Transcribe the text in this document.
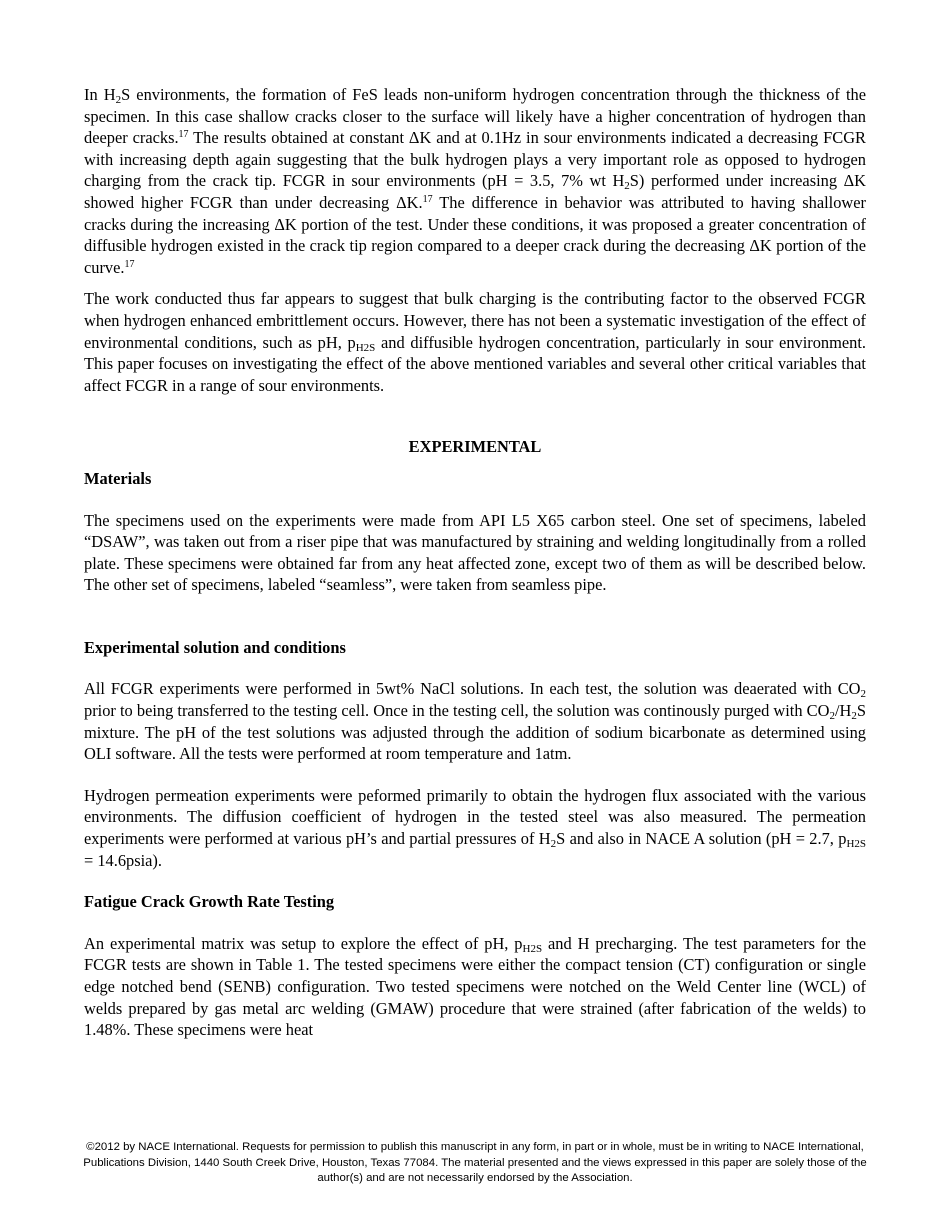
In $H_2S$ environments, the formation of FeS leads non-uniform hydrogen concentration through the thickness of the specimen. In this case shallow cracks closer to the surface will likely have a higher concentration of hydrogen than deeper cracks.$^{17}$ The results obtained at constant ΔK and at 0.1Hz in sour environments indicated a decreasing FCGR with increasing depth again suggesting that the bulk hydrogen plays a very important role as opposed to hydrogen charging from the crack tip. FCGR in sour environments (pH = 3.5, 7% wt $H_2S$) performed under increasing ΔK showed higher FCGR than under decreasing ΔK.$^{17}$ The difference in behavior was attributed to having shallower cracks during the increasing ΔK portion of the test. Under these conditions, it was proposed a greater concentration of diffusible hydrogen existed in the crack tip region compared to a deeper crack during the decreasing ΔK portion of the curve.$^{17}$

The work conducted thus far appears to suggest that bulk charging is the contributing factor to the observed FCGR when hydrogen enhanced embrittlement occurs. However, there has not been a systematic investigation of the effect of environmental conditions, such as pH, $p_{H2S}$ and diffusible hydrogen concentration, particularly in sour environment. This paper focuses on investigating the effect of the above mentioned variables and several other critical variables that affect FCGR in a range of sour environments.

EXPERIMENTAL
Materials

The specimens used on the experiments were made from API L5 X65 carbon steel. One set of specimens, labeled “DSAW”, was taken out from a riser pipe that was manufactured by straining and welding longitudinally from a rolled plate. These specimens were obtained far from any heat affected zone, except two of them as will be described below. The other set of specimens, labeled “seamless”, were taken from seamless pipe.

Experimental solution and conditions

All FCGR experiments were performed in 5wt% NaCl solutions. In each test, the solution was deaerated with $CO_2$ prior to being transferred to the testing cell. Once in the testing cell, the solution was continously purged with $CO_2/H_2S$ mixture. The pH of the test solutions was adjusted through the addition of sodium bicarbonate as determined using OLI software. All the tests were performed at room temperature and 1atm.

Hydrogen permeation experiments were peformed primarily to obtain the hydrogen flux associated with the various environments. The diffusion coefficient of hydrogen in the tested steel was also measured. The permeation experiments were performed at various pH’s and partial pressures of $H_2S$ and also in NACE A solution (pH = 2.7, $p_{H2S}$ = 14.6psia).

Fatigue Crack Growth Rate Testing

An experimental matrix was setup to explore the effect of pH, $p_{H2S}$ and H precharging. The test parameters for the FCGR tests are shown in Table 1. The tested specimens were either the compact tension (CT) configuration or single edge notched bend (SENB) configuration. Two tested specimens were notched on the Weld Center line (WCL) of welds prepared by gas metal arc welding (GMAW) procedure that were strained (after fabrication of the welds) to 1.48%. These specimens were heat

©2012 by NACE International. Requests for permission to publish this manuscript in any form, in part or in whole, must be in writing to NACE International,
Publications Division, 1440 South Creek Drive, Houston, Texas 77084. The material presented and the views expressed in this paper are solely those of the
author(s) and are not necessarily endorsed by the Association.
